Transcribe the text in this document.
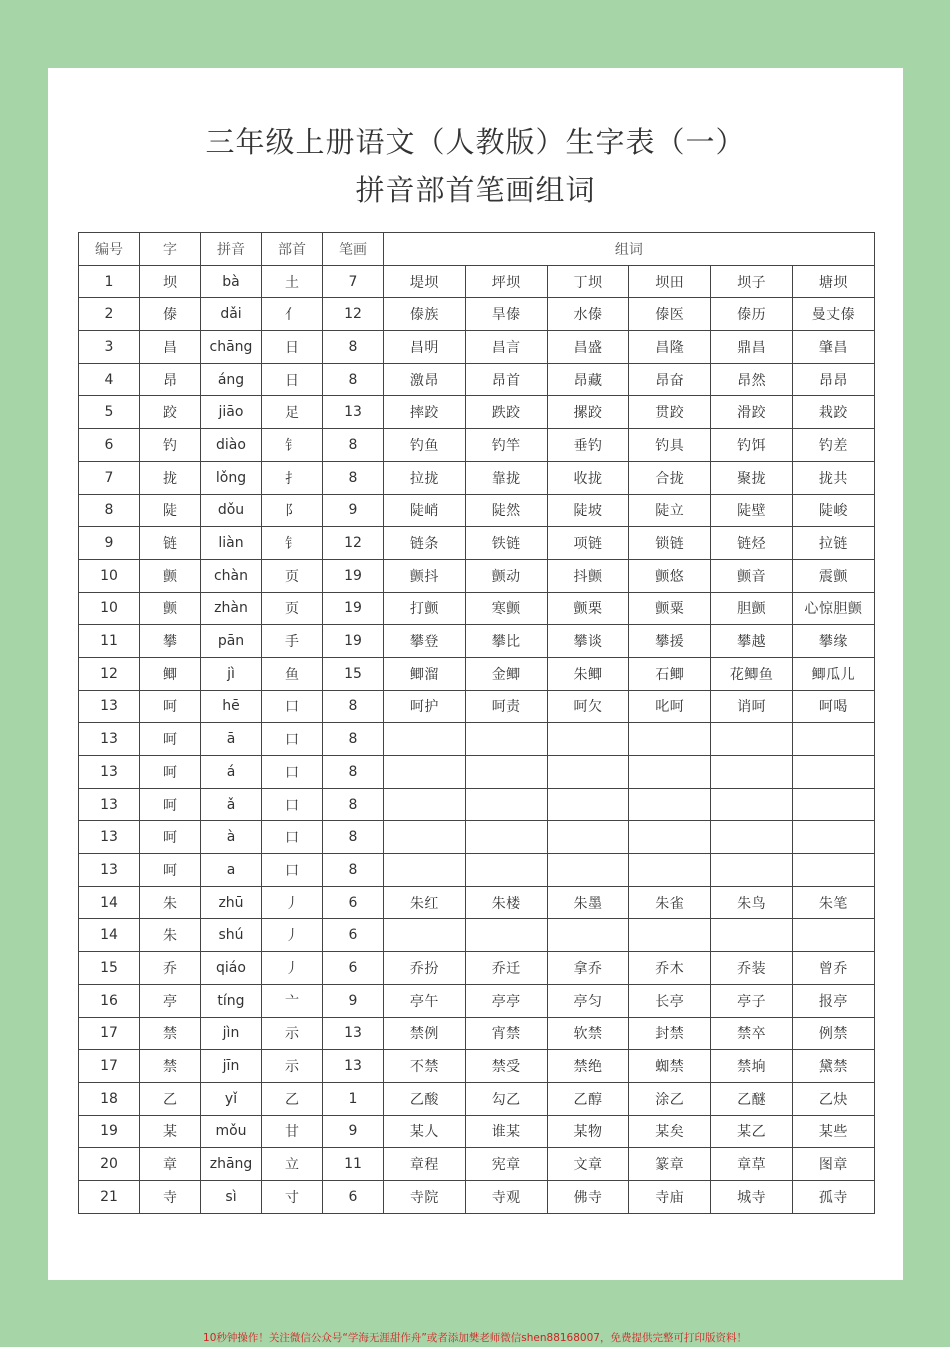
三年级上册语文（人教版）生字表（一）
拼音部首笔画组词
编号	字	拼音	部首	笔画	组词					
1	坝	bà	土	7	堤坝	坪坝	丁坝	坝田	坝子	塘坝
2	傣	dǎi	亻	12	傣族	旱傣	水傣	傣医	傣历	曼丈傣
3	昌	chāng	日	8	昌明	昌言	昌盛	昌隆	鼎昌	肇昌
4	昂	áng	日	8	激昂	昂首	昂藏	昂奋	昂然	昂昂
5	跤	jiāo	足	13	摔跤	跌跤	摞跤	贯跤	滑跤	栽跤
6	钓	diào	钅	8	钓鱼	钓竿	垂钓	钓具	钓饵	钓差
7	拢	lǒng	扌	8	拉拢	靠拢	收拢	合拢	聚拢	拢共
8	陡	dǒu	阝	9	陡峭	陡然	陡坡	陡立	陡壁	陡峻
9	链	liàn	钅	12	链条	铁链	项链	锁链	链烃	拉链
10	颤	chàn	页	19	颤抖	颤动	抖颤	颤悠	颤音	震颤
10	颤	zhàn	页	19	打颤	寒颤	颤栗	颤粟	胆颤	心惊胆颤
11	攀	pān	手	19	攀登	攀比	攀谈	攀援	攀越	攀缘
12	鲫	jì	鱼	15	鲫溜	金鲫	朱鲫	石鲫	花鲫鱼	鲫瓜儿
13	呵	hē	口	8	呵护	呵责	呵欠	叱呵	诮呵	呵喝
13	呵	ā	口	8						
13	呵	á	口	8						
13	呵	ǎ	口	8						
13	呵	à	口	8						
13	呵	a	口	8						
14	朱	zhū	丿	6	朱红	朱楼	朱墨	朱雀	朱鸟	朱笔
14	朱	shú	丿	6						
15	乔	qiáo	丿	6	乔扮	乔迁	拿乔	乔木	乔装	曾乔
16	亭	tíng	亠	9	亭午	亭亭	亭匀	长亭	亭子	报亭
17	禁	jìn	示	13	禁例	宵禁	软禁	封禁	禁卒	例禁
17	禁	jīn	示	13	不禁	禁受	禁绝	蜘禁	禁垧	黛禁
18	乙	yǐ	乙	1	乙酸	勾乙	乙醇	涂乙	乙醚	乙炔
19	某	mǒu	甘	9	某人	谁某	某物	某矣	某乙	某些
20	章	zhāng	立	11	章程	宪章	文章	篆章	章草	图章
21	寺	sì	寸	6	寺院	寺观	佛寺	寺庙	城寺	孤寺
10秒钟操作！关注微信公众号“学海无涯甜作舟”或者添加樊老师微信shen88168007，免费提供完整可打印版资料！
